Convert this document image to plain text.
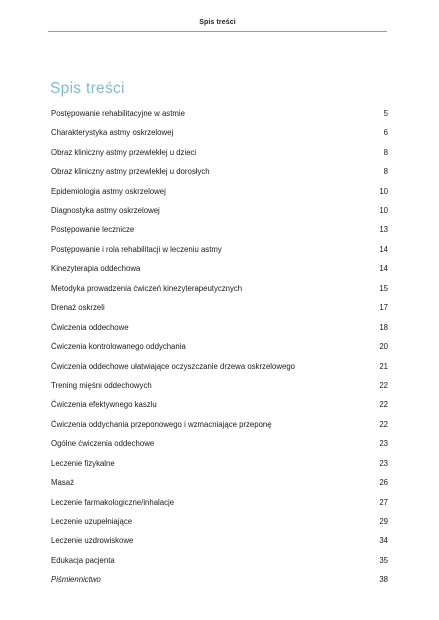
Spis treści
Spis treści
Postępowanie rehabilitacyjne w astmie	5
Charakterystyka astmy oskrzelowej	6
Obraz kliniczny astmy przewlekłej u dzieci	8
Obraz kliniczny astmy przewlekłej u dorosłych	8
Epidemiologia astmy oskrzelowej	10
Diagnostyka astmy oskrzelowej	10
Postępowanie lecznicze	13
Postępowanie i rola rehabilitacji w leczeniu astmy	14
Kinezyterapia oddechowa	14
Metodyka prowadzenia ćwiczeń kinezyterapeutycznych	15
Drenaż oskrzeli	17
Ćwiczenia oddechowe	18
Ćwiczenia kontrolowanego oddychania	20
Ćwiczenia oddechowe ułatwiające oczyszczanie drzewa oskrzelowego	21
Trening mięśni oddechowych	22
Ćwiczenia efektywnego kaszlu	22
Ćwiczenia oddychania przeponowego i wzmacniające przeponę	22
Ogólne ćwiczenia oddechowe	23
Leczenie fizykalne	23
Masaż	26
Leczenie farmakologiczne/inhalacje	27
Leczenie uzupełniające	29
Leczenie uzdrowiskowe	34
Edukacja pacjenta	35
Piśmiennictwo	38
